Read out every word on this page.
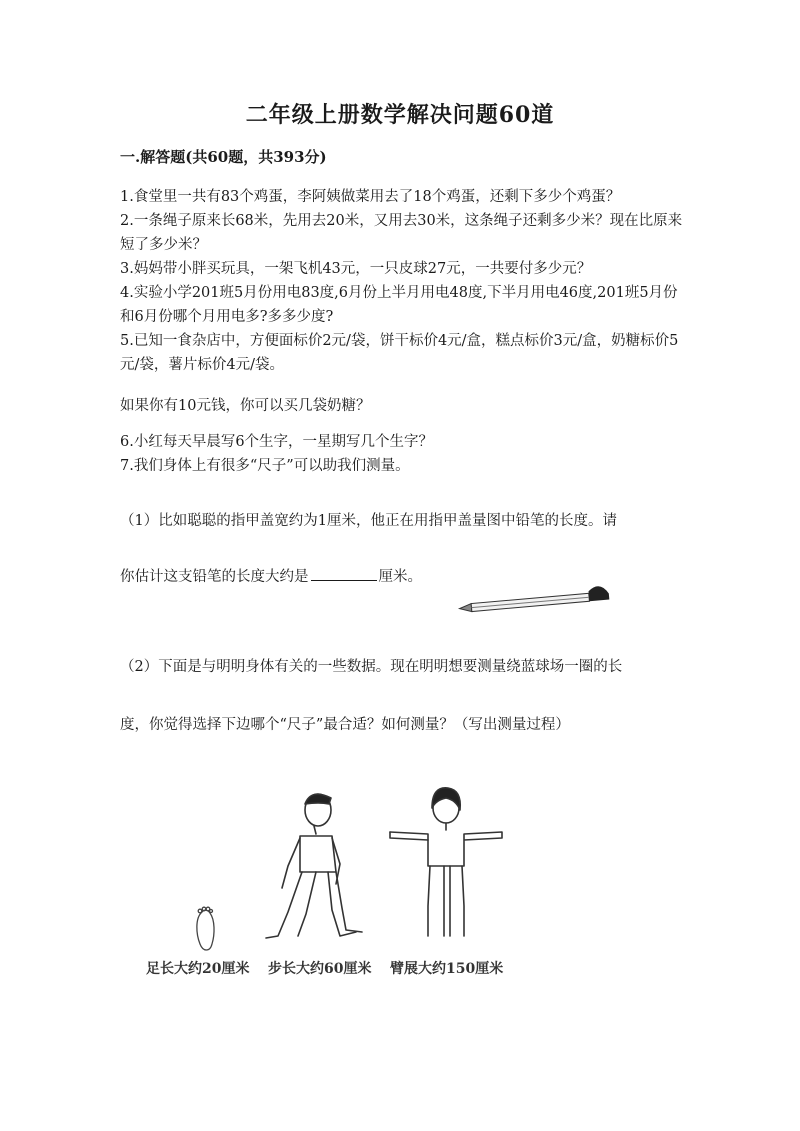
二年级上册数学解决问题60道
一.解答题(共60题，共393分)

1.食堂里一共有83个鸡蛋，李阿姨做菜用去了18个鸡蛋，还剩下多少个鸡蛋？

2.一条绳子原来长68米，先用去20米，又用去30米，这条绳子还剩多少米？现在比原来短了多少米？

3.妈妈带小胖买玩具，一架飞机43元，一只皮球27元，一共要付多少元？

4.实验小学201班5月份用电83度,6月份上半月用电48度,下半月用电46度,201班5月份和6月份哪个月用电多?多多少度?

5.已知一食杂店中，方便面标价2元/袋，饼干标价4元/盒，糕点标价3元/盒，奶糖标价5元/袋，薯片标价4元/袋。

如果你有10元钱，你可以买几袋奶糖？

6.小红每天早晨写6个生字，一星期写几个生字？

7.我们身体上有很多“尺子”可以助我们测量。

（1）比如聪聪的指甲盖宽约为1厘米，他正在用指甲盖量图中铅笔的长度。请
你估计这支铅笔的长度大约是	厘米。
（2）下面是与明明身体有关的一些数据。现在明明想要测量绕蓝球场一圈的长
度，你觉得选择下边哪个“尺子”最合适？如何测量？（写出测量过程）
足长大约20厘米 步长大约60厘米 臂展大约150厘米
